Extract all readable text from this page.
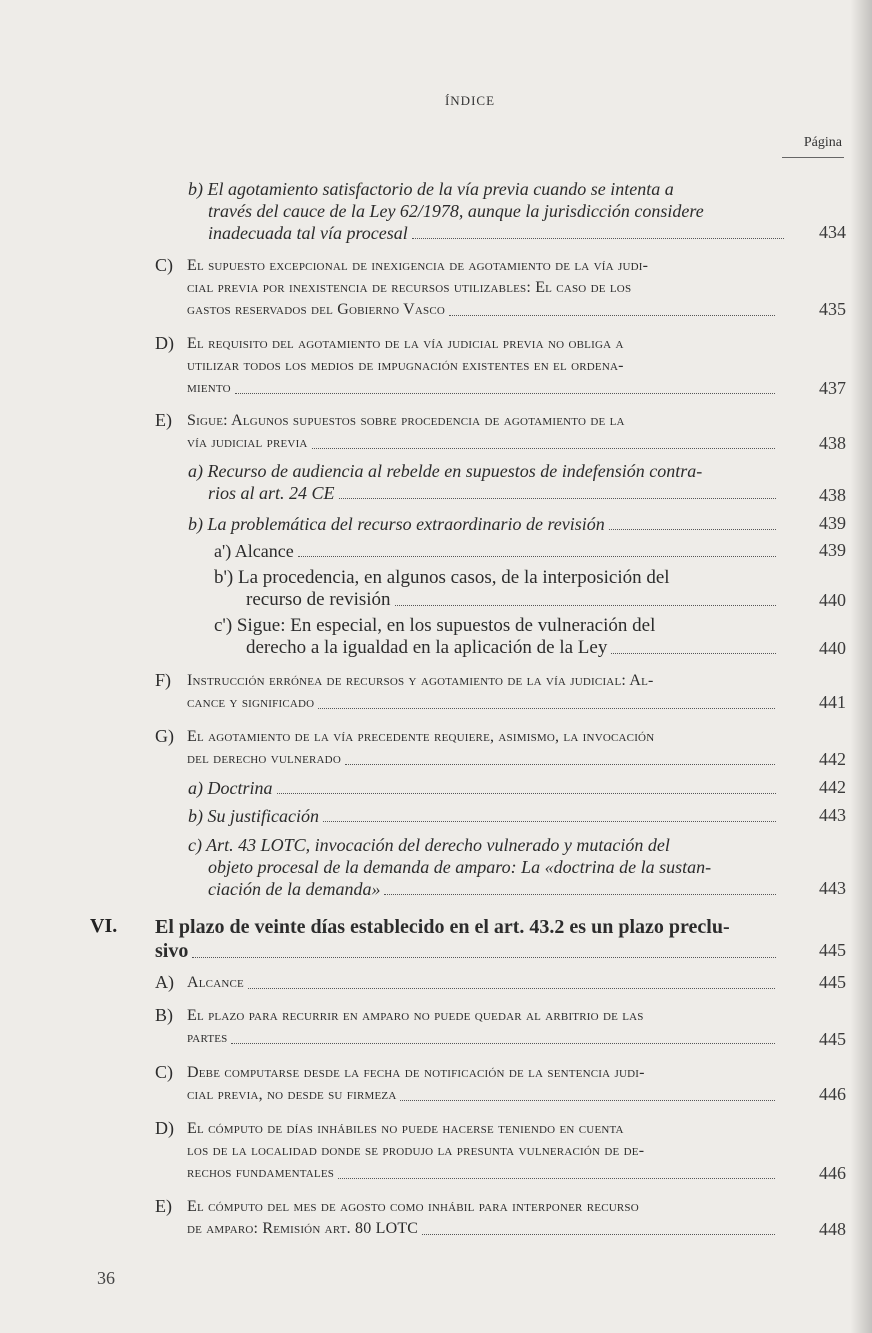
ÍNDICE
Página
b) El agotamiento satisfactorio de la vía previa cuando se intenta a
través del cauce de la Ley 62/1978, aunque la jurisdicción considere
inadecuada tal vía procesal	434
C) El supuesto excepcional de inexigencia de agotamiento de la vía judi-
cial previa por inexistencia de recursos utilizables: El caso de los
gastos reservados del Gobierno Vasco	435
D) El requisito del agotamiento de la vía judicial previa no obliga a
utilizar todos los medios de impugnación existentes en el ordena-
miento	437
E) Sigue: Algunos supuestos sobre procedencia de agotamiento de la
vía judicial previa	438
a) Recurso de audiencia al rebelde en supuestos de indefensión contra-
rios al art. 24 CE	438
b) La problemática del recurso extraordinario de revisión	439
a') Alcance	439
b') La procedencia, en algunos casos, de la interposición del
recurso de revisión	440
c') Sigue: En especial, en los supuestos de vulneración del
derecho a la igualdad en la aplicación de la Ley	440
F) Instrucción errónea de recursos y agotamiento de la vía judicial: Al-
cance y significado	441
G) El agotamiento de la vía precedente requiere, asimismo, la invocación
del derecho vulnerado	442
a) Doctrina	442
b) Su justificación	443
c) Art. 43 LOTC, invocación del derecho vulnerado y mutación del
objeto procesal de la demanda de amparo: La «doctrina de la sustan-
ciación de la demanda»	443
VI. El plazo de veinte días establecido en el art. 43.2 es un plazo preclu-
sivo	445
A) Alcance	445
B) El plazo para recurrir en amparo no puede quedar al arbitrio de las
partes	445
C) Debe computarse desde la fecha de notificación de la sentencia judi-
cial previa, no desde su firmeza	446
D) El cómputo de días inhábiles no puede hacerse teniendo en cuenta
los de la localidad donde se produjo la presunta vulneración de de-
rechos fundamentales	446
E) El cómputo del mes de agosto como inhábil para interponer recurso
de amparo: Remisión art. 80 LOTC	448
36
